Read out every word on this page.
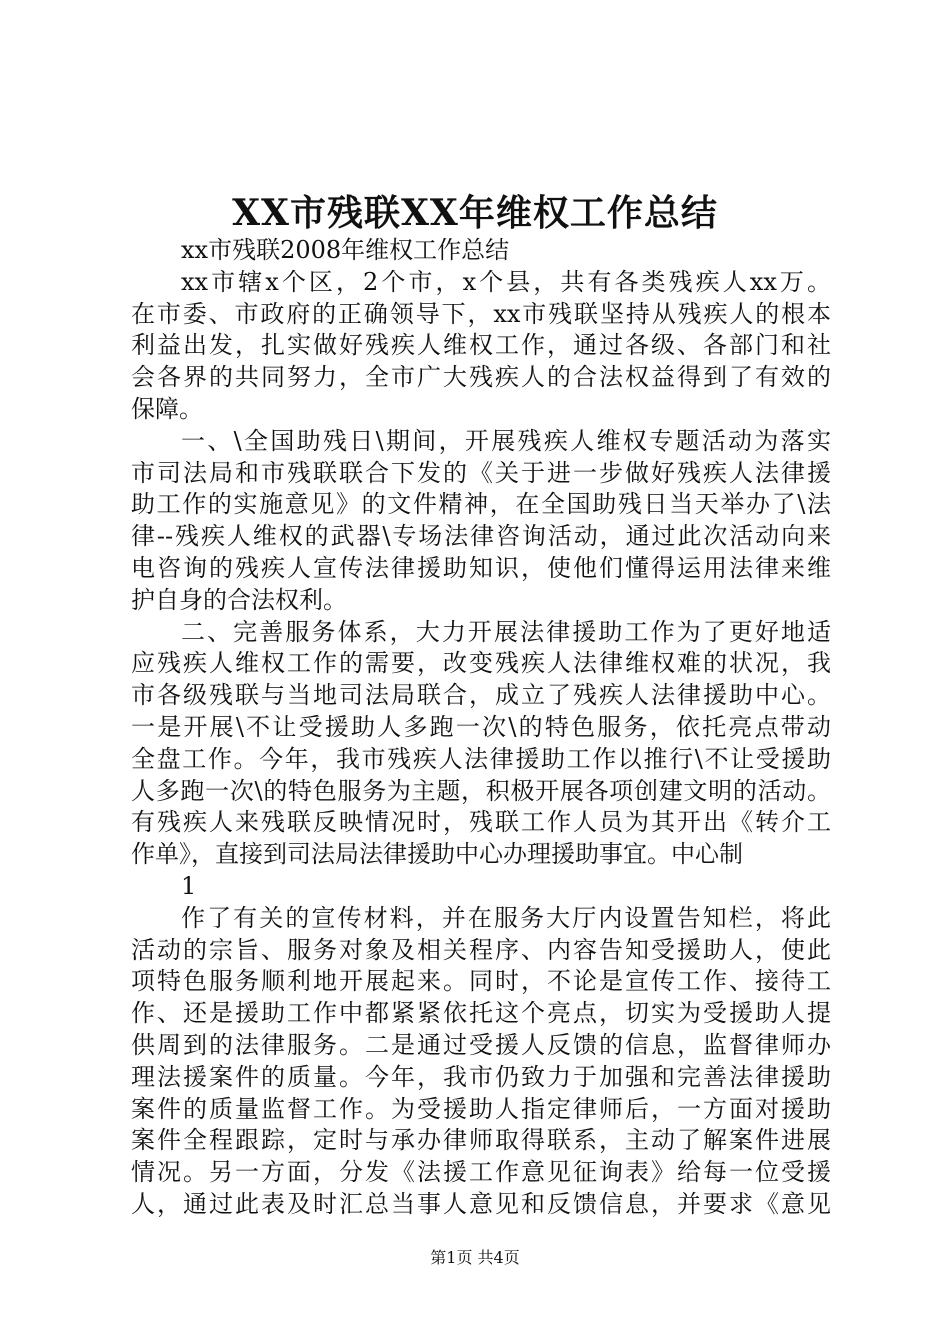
XX市残联XX年维权工作总结
xx市残联2008年维权工作总结
xx市辖x个区，2个市，x个县，共有各类残疾人xx万。
在市委、市政府的正确领导下，xx市残联坚持从残疾人的根本
利益出发，扎实做好残疾人维权工作，通过各级、各部门和社
会各界的共同努力，全市广大残疾人的合法权益得到了有效的
保障。
一、\全国助残日\期间，开展残疾人维权专题活动为落实
市司法局和市残联联合下发的《关于进一步做好残疾人法律援
助工作的实施意见》的文件精神，在全国助残日当天举办了\法
律--残疾人维权的武器\专场法律咨询活动，通过此次活动向来
电咨询的残疾人宣传法律援助知识，使他们懂得运用法律来维
护自身的合法权利。
二、完善服务体系，大力开展法律援助工作为了更好地适
应残疾人维权工作的需要，改变残疾人法律维权难的状况，我
市各级残联与当地司法局联合，成立了残疾人法律援助中心。
一是开展\不让受援助人多跑一次\的特色服务，依托亮点带动
全盘工作。今年，我市残疾人法律援助工作以推行\不让受援助
人多跑一次\的特色服务为主题，积极开展各项创建文明的活动。
有残疾人来残联反映情况时，残联工作人员为其开出《转介工
作单》，直接到司法局法律援助中心办理援助事宜。中心制
1
作了有关的宣传材料，并在服务大厅内设置告知栏，将此
活动的宗旨、服务对象及相关程序、内容告知受援助人，使此
项特色服务顺利地开展起来。同时，不论是宣传工作、接待工
作、还是援助工作中都紧紧依托这个亮点，切实为受援助人提
供周到的法律服务。二是通过受援人反馈的信息，监督律师办
理法援案件的质量。今年，我市仍致力于加强和完善法律援助
案件的质量监督工作。为受援助人指定律师后，一方面对援助
案件全程跟踪，定时与承办律师取得联系，主动了解案件进展
情况。另一方面，分发《法援工作意见征询表》给每一位受援
人，通过此表及时汇总当事人意见和反馈信息，并要求《意见
第1页 共4页
